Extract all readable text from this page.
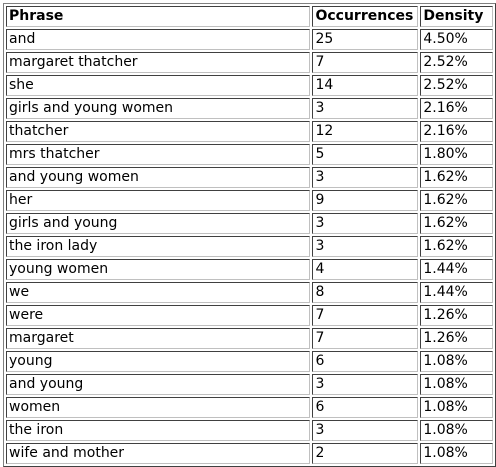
Phrase	Occurrences	Density
and	25	4.50%
margaret thatcher	7	2.52%
she	14	2.52%
girls and young women	3	2.16%
thatcher	12	2.16%
mrs thatcher	5	1.80%
and young women	3	1.62%
her	9	1.62%
girls and young	3	1.62%
the iron lady	3	1.62%
young women	4	1.44%
we	8	1.44%
were	7	1.26%
margaret	7	1.26%
young	6	1.08%
and young	3	1.08%
women	6	1.08%
the iron	3	1.08%
wife and mother	2	1.08%
